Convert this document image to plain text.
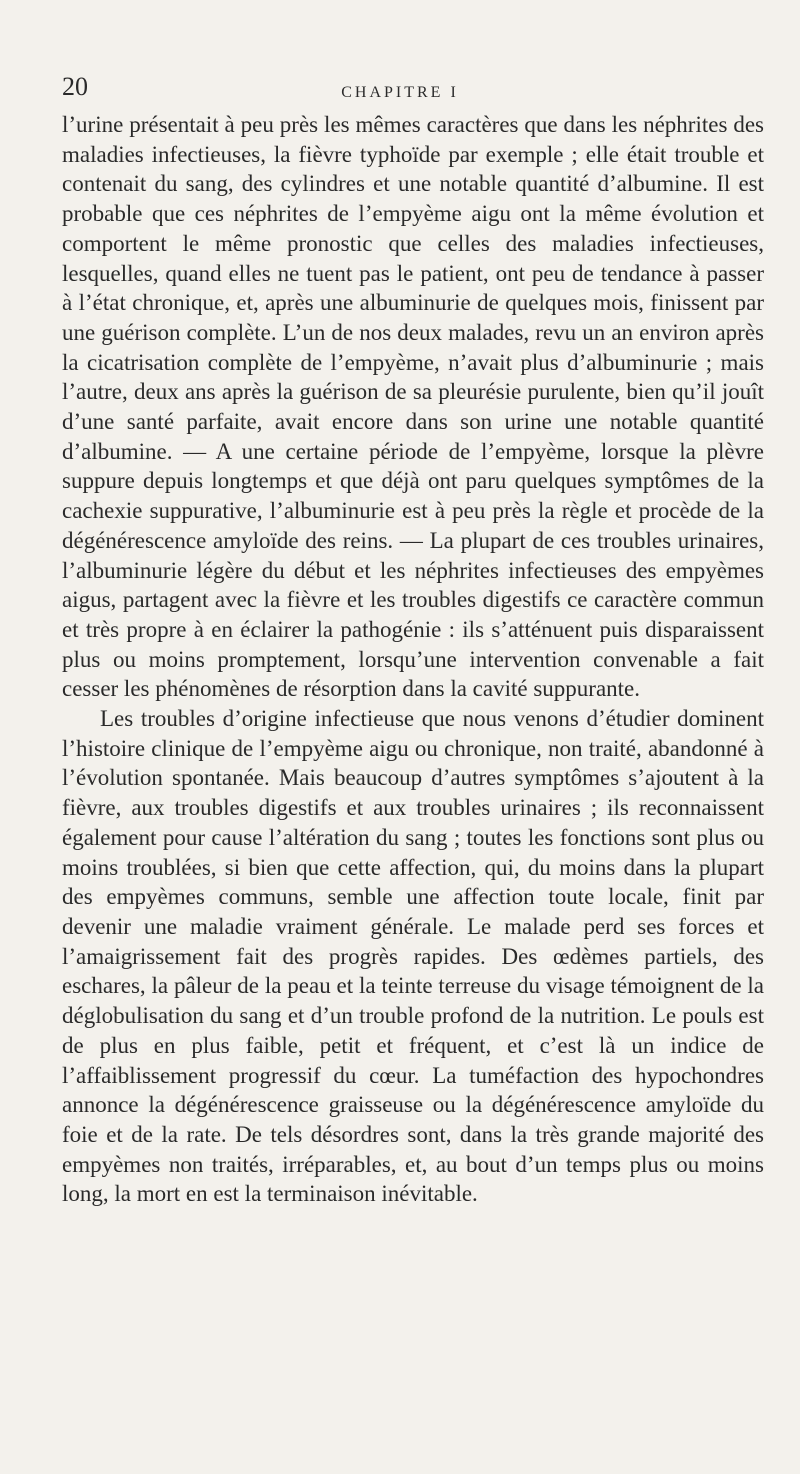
20	CHAPITRE I

l’urine présentait à peu près les mêmes caractères que dans les néphrites des maladies infectieuses, la fièvre typhoïde par exemple ; elle était trouble et contenait du sang, des cylindres et une notable quantité d’albumine. Il est probable que ces néphrites de l’empyème aigu ont la même évolution et comportent le même pronostic que celles des maladies infectieuses, lesquelles, quand elles ne tuent pas le patient, ont peu de tendance à passer à l’état chronique, et, après une albuminurie de quelques mois, finissent par une guérison complète. L’un de nos deux malades, revu un an environ après la cicatrisation complète de l’empyème, n’avait plus d’albuminurie ; mais l’autre, deux ans après la guérison de sa pleurésie purulente, bien qu’il jouît d’une santé parfaite, avait encore dans son urine une notable quantité d’albumine. — A une certaine période de l’empyème, lorsque la plèvre suppure depuis longtemps et que déjà ont paru quelques symptômes de la cachexie suppurative, l’albuminurie est à peu près la règle et procède de la dégénérescence amyloïde des reins. — La plupart de ces troubles urinaires, l’albuminurie légère du début et les néphrites infectieuses des empyèmes aigus, partagent avec la fièvre et les troubles digestifs ce caractère commun et très propre à en éclairer la pathogénie : ils s’atténuent puis disparaissent plus ou moins promptement, lorsqu’une intervention convenable a fait cesser les phénomènes de résorption dans la cavité suppurante.

Les troubles d’origine infectieuse que nous venons d’étudier dominent l’histoire clinique de l’empyème aigu ou chronique, non traité, abandonné à l’évolution spontanée. Mais beaucoup d’autres symptômes s’ajoutent à la fièvre, aux troubles digestifs et aux troubles urinaires ; ils reconnaissent également pour cause l’altération du sang ; toutes les fonctions sont plus ou moins troublées, si bien que cette affection, qui, du moins dans la plupart des empyèmes communs, semble une affection toute locale, finit par devenir une maladie vraiment générale. Le malade perd ses forces et l’amaigrissement fait des progrès rapides. Des œdèmes partiels, des eschares, la pâleur de la peau et la teinte terreuse du visage témoignent de la déglobulisation du sang et d’un trouble profond de la nutrition. Le pouls est de plus en plus faible, petit et fréquent, et c’est là un indice de l’affaiblissement progressif du cœur. La tuméfaction des hypochondres annonce la dégénérescence graisseuse ou la dégénérescence amyloïde du foie et de la rate. De tels désordres sont, dans la très grande majorité des empyèmes non traités, irréparables, et, au bout d’un temps plus ou moins long, la mort en est la terminaison inévitable.
